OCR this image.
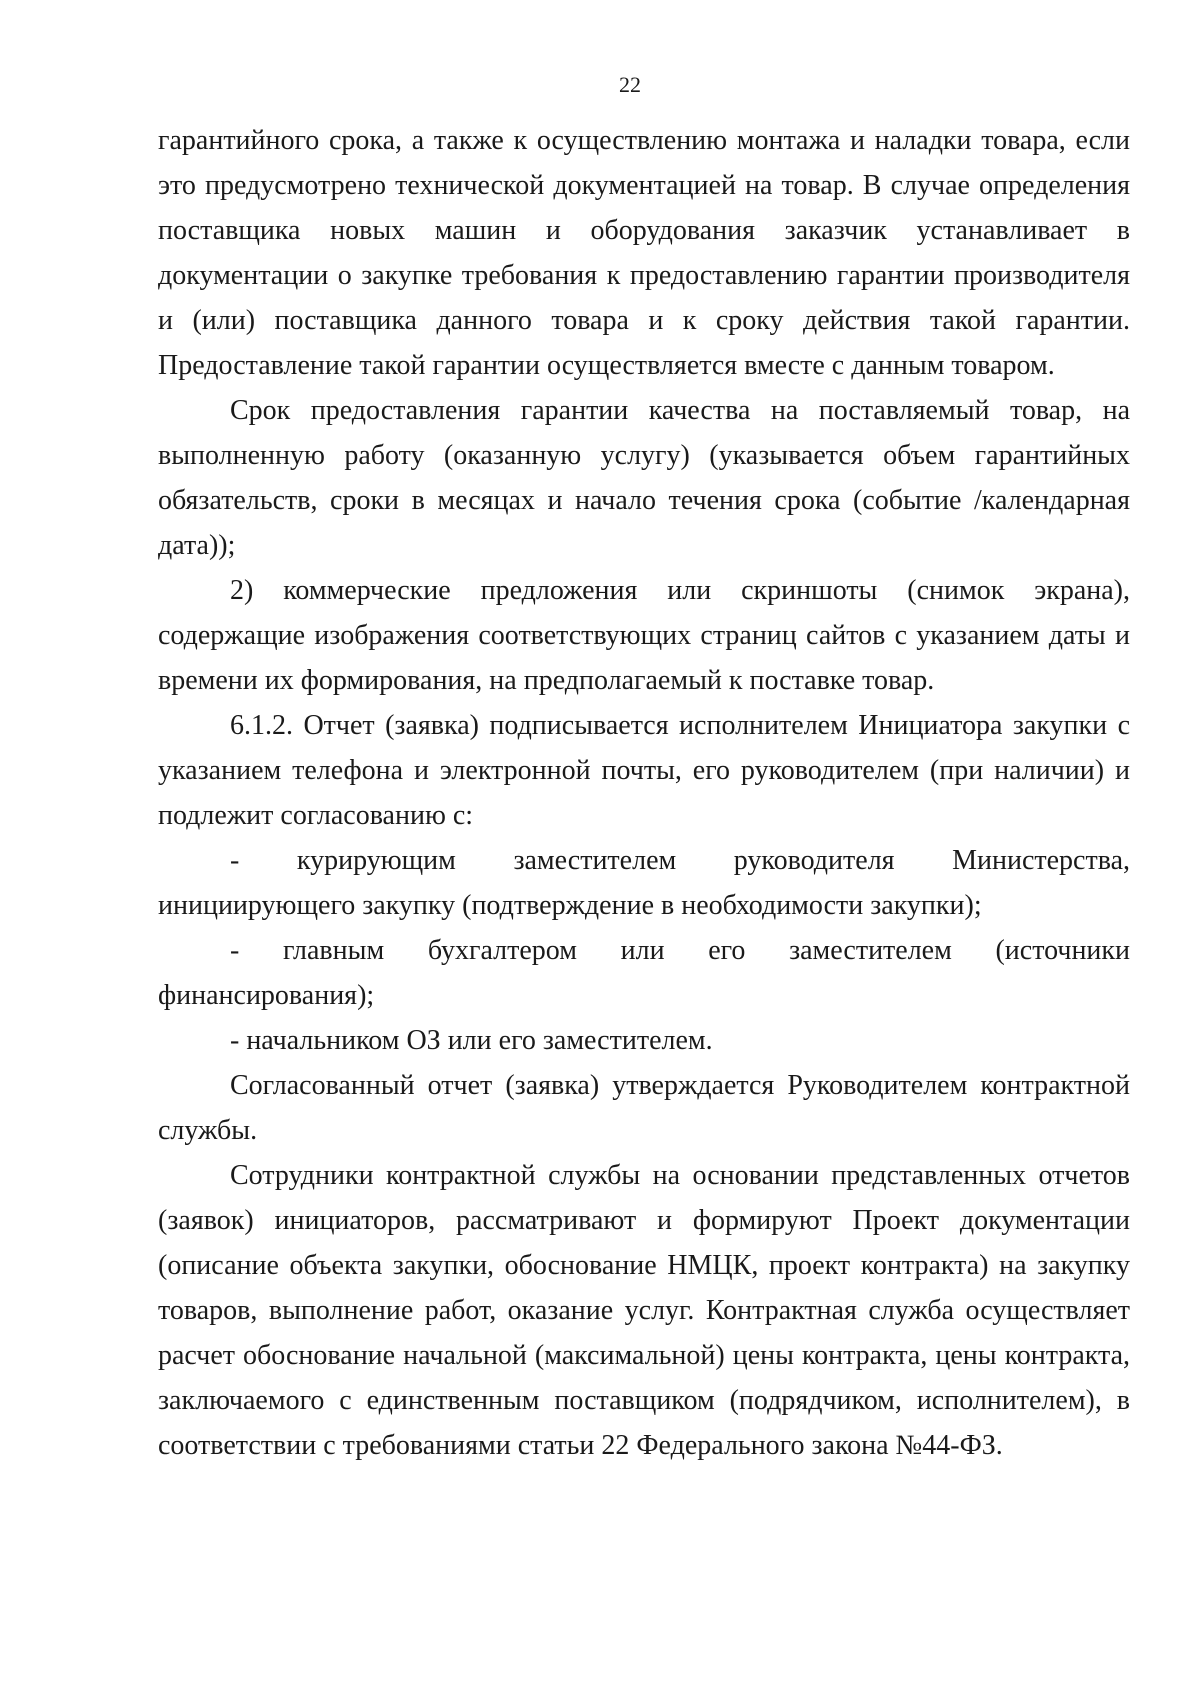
22

гарантийного срока, а также к осуществлению монтажа и наладки товара, если это предусмотрено технической документацией на товар. В случае определения поставщика новых машин и оборудования заказчик устанавливает в документации о закупке требования к предоставлению гарантии производителя и (или) поставщика данного товара и к сроку действия такой гарантии. Предоставление такой гарантии осуществляется вместе с данным товаром.

Срок предоставления гарантии качества на поставляемый товар, на выполненную работу (оказанную услугу) (указывается объем гарантийных обязательств, сроки в месяцах и начало течения срока (событие /календарная дата));

2) коммерческие предложения или скриншоты (снимок экрана), содержащие изображения соответствующих страниц сайтов с указанием даты и времени их формирования, на предполагаемый к поставке товар.

6.1.2. Отчет (заявка) подписывается исполнителем Инициатора закупки с указанием телефона и электронной почты, его руководителем (при наличии) и подлежит согласованию с:

- курирующим заместителем руководителя Министерства, инициирующего закупку (подтверждение в необходимости закупки);

- главным бухгалтером или его заместителем (источники финансирования);

- начальником ОЗ или его заместителем.

Согласованный отчет (заявка) утверждается Руководителем контрактной службы.

Сотрудники контрактной службы на основании представленных отчетов (заявок) инициаторов, рассматривают и формируют Проект документации (описание объекта закупки, обоснование НМЦК, проект контракта) на закупку товаров, выполнение работ, оказание услуг. Контрактная служба осуществляет расчет обоснование начальной (максимальной) цены контракта, цены контракта, заключаемого с единственным поставщиком (подрядчиком, исполнителем), в соответствии с требованиями статьи 22 Федерального закона №44-ФЗ.
